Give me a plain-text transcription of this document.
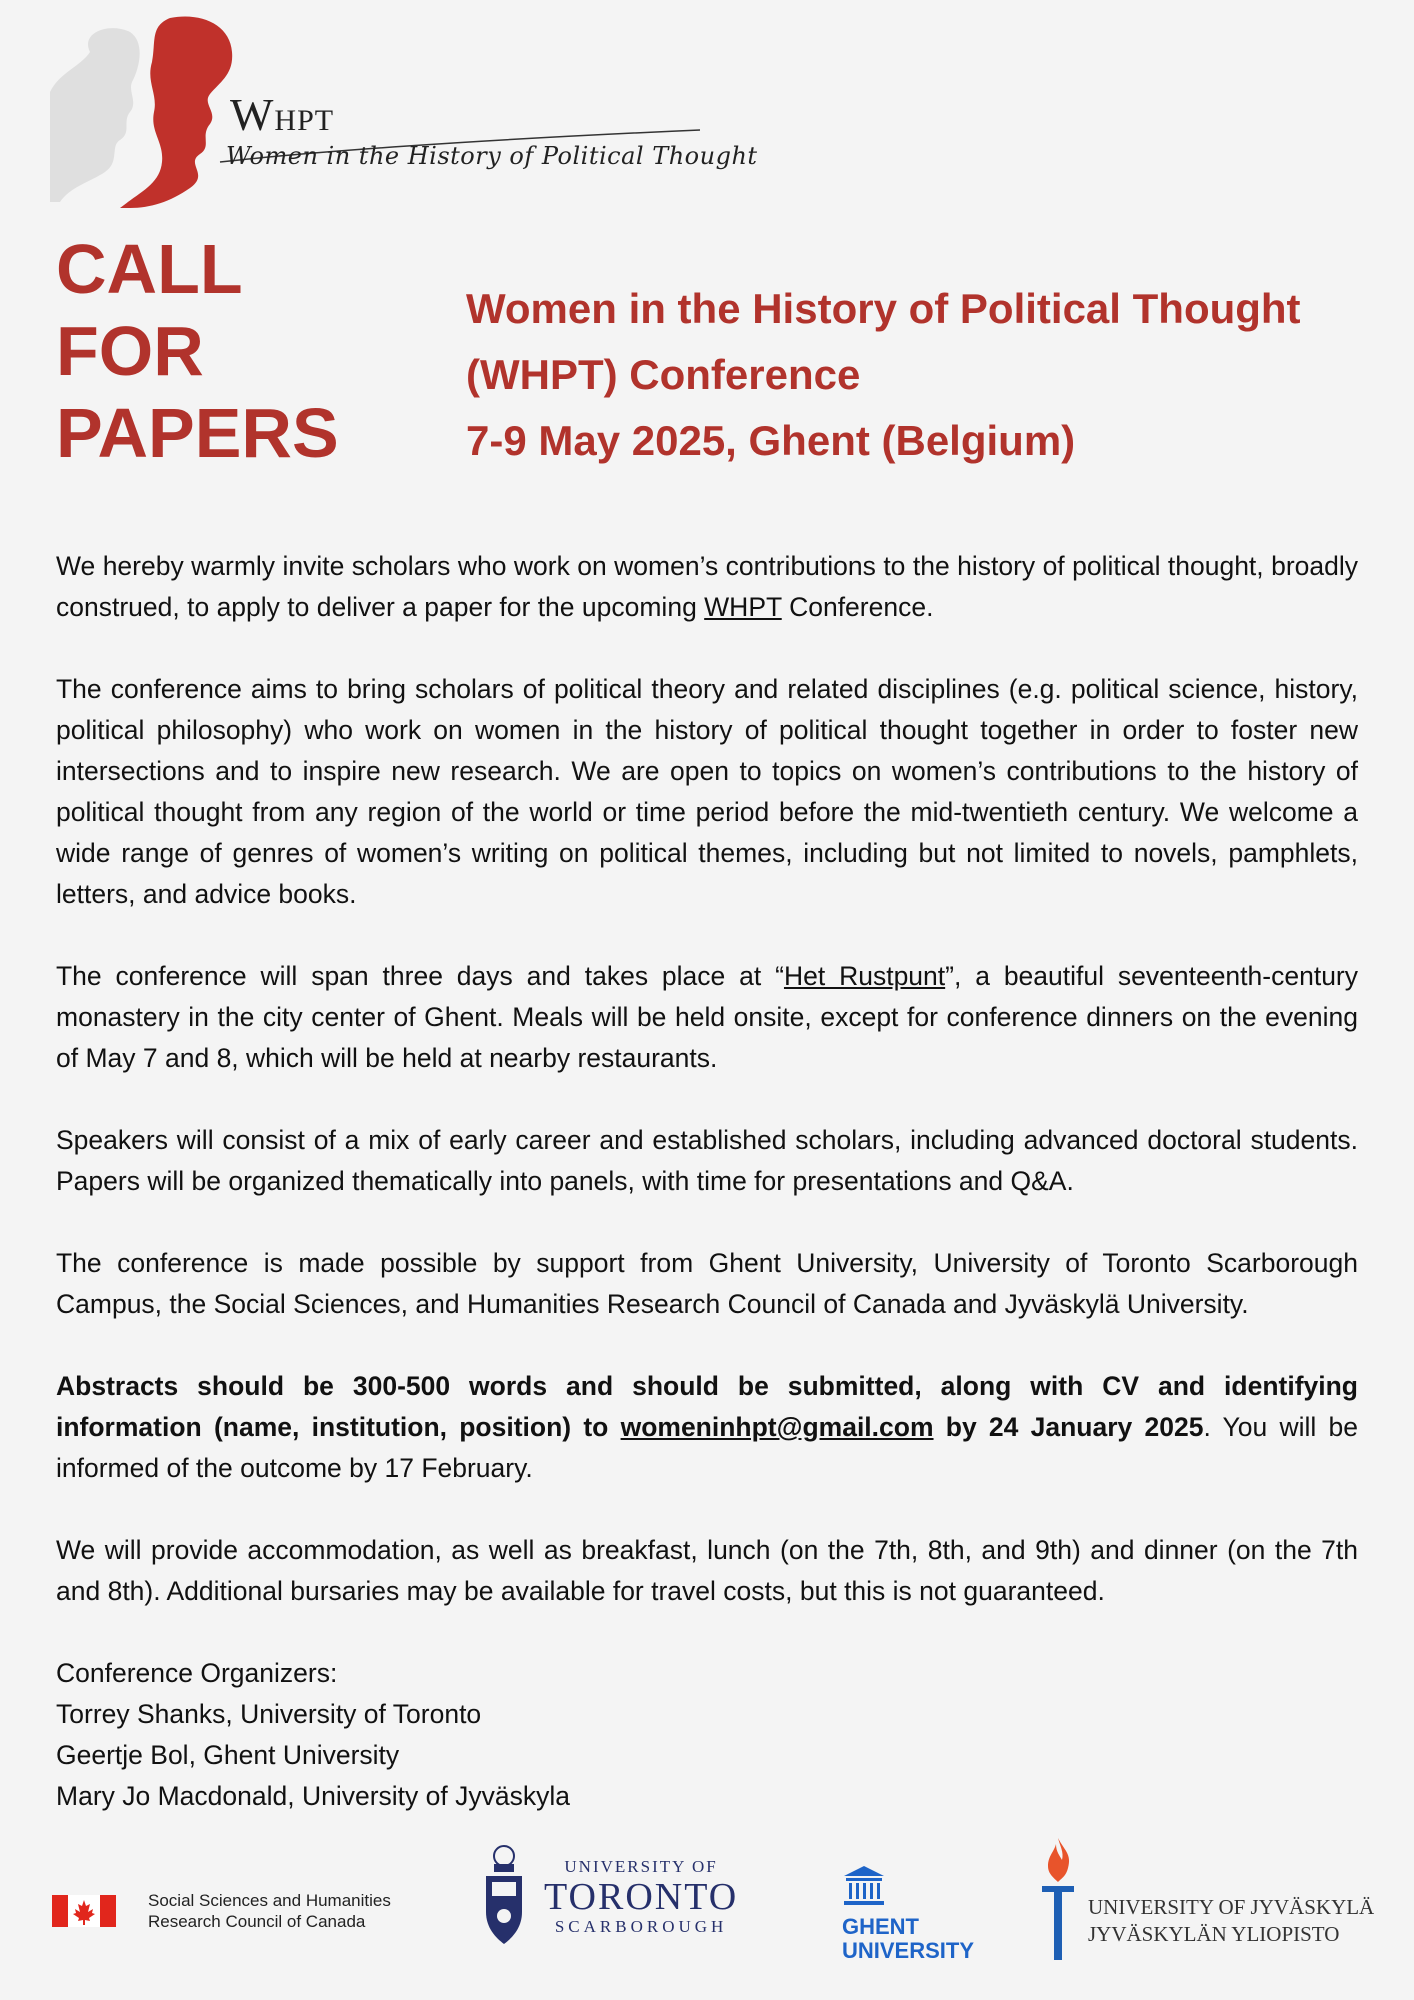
WHPT
Women in the History of Political Thought
CALL
FOR
PAPERS
Women in the History of Political Thought
(WHPT) Conference
7-9 May 2025, Ghent (Belgium)

We hereby warmly invite scholars who work on women’s contributions to the history of political thought, broadly construed, to apply to deliver a paper for the upcoming WHPT Conference.

The conference aims to bring scholars of political theory and related disciplines (e.g. political science, history, political philosophy) who work on women in the history of political thought together in order to foster new intersections and to inspire new research. We are open to topics on women’s contributions to the history of political thought from any region of the world or time period before the mid-twentieth century. We welcome a wide range of genres of women’s writing on political themes, including but not limited to novels, pamphlets, letters, and advice books.

The conference will span three days and takes place at “Het Rustpunt”, a beautiful seventeenth-century monastery in the city center of Ghent. Meals will be held onsite, except for conference dinners on the evening of May 7 and 8, which will be held at nearby restaurants.

Speakers will consist of a mix of early career and established scholars, including advanced doctoral students. Papers will be organized thematically into panels, with time for presentations and Q&A.

The conference is made possible by support from Ghent University, University of Toronto Scarborough Campus, the Social Sciences, and Humanities Research Council of Canada and Jyväskylä University.

Abstracts should be 300-500 words and should be submitted, along with CV and identifying information (name, institution, position) to womeninhpt@gmail.com by 24 January 2025. You will be informed of the outcome by 17 February.

We will provide accommodation, as well as breakfast, lunch (on the 7th, 8th, and 9th) and dinner (on the 7th and 8th). Additional bursaries may be available for travel costs, but this is not guaranteed.

Conference Organizers:
Torrey Shanks, University of Toronto
Geertje Bol, Ghent University
Mary Jo Macdonald, University of Jyväskyla
Social Sciences and Humanities
Research Council of Canada
UNIVERSITY OF
TORONTO
SCARBOROUGH	GHENT
UNIVERSITY
UNIVERSITY OF JYVÄSKYLÄ
JYVÄSKYLÄN YLIOPISTO
